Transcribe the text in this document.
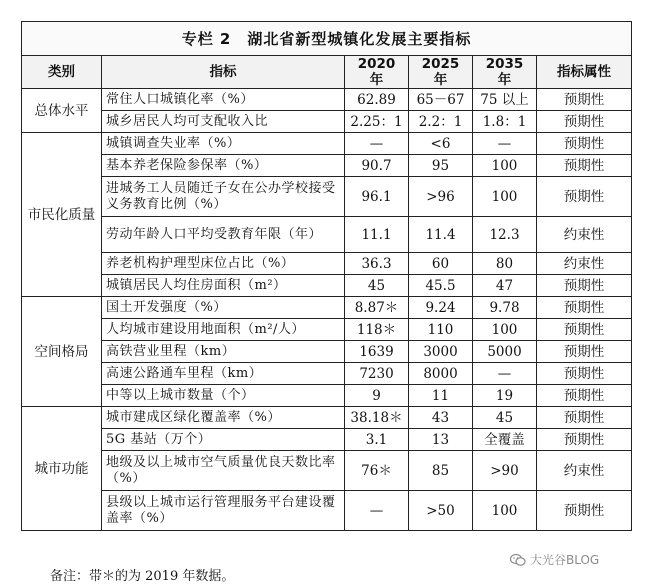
专栏 2　湖北省新型城镇化发展主要指标					
类别	指标	2020 年	2025 年	2035 年	指标属性
总体水平	常住人口城镇化率（%）	62.89	65－67	75 以上	预期性
	城乡居民人均可支配收入比	2.25：1	2.2：1	1.8：1	预期性
市民化质量	城镇调查失业率（%）	—	<6	—	预期性
	基本养老保险参保率（%）	90.7	95	100	预期性
	进城务工人员随迁子女在公办学校接受义务教育比例（%）	96.1	>96	100	预期性
	劳动年龄人口平均受教育年限（年）	11.1	11.4	12.3	约束性
	养老机构护理型床位占比（%）	36.3	60	80	约束性
	城镇居民人均住房面积（m²）	45	45.5	47	预期性
空间格局	国土开发强度（%）	8.87＊	9.24	9.78	预期性
	人均城市建设用地面积（m²/人）	118＊	110	100	预期性
	高铁营业里程（km）	1639	3000	5000	预期性
	高速公路通车里程（km）	7230	8000	—	预期性
	中等以上城市数量（个）	9	11	19	预期性
城市功能	城市建成区绿化覆盖率（%）	38.18＊	43	45	预期性
	5G 基站（万个）	3.1	13	全覆盖	预期性
	地级及以上城市空气质量优良天数比率（%）	76＊	85	>90	约束性
	县级以上城市运行管理服务平台建设覆盖率（%）	—	>50	100	预期性
备注：带＊的为 2019 年数据。
大光谷BLOG
